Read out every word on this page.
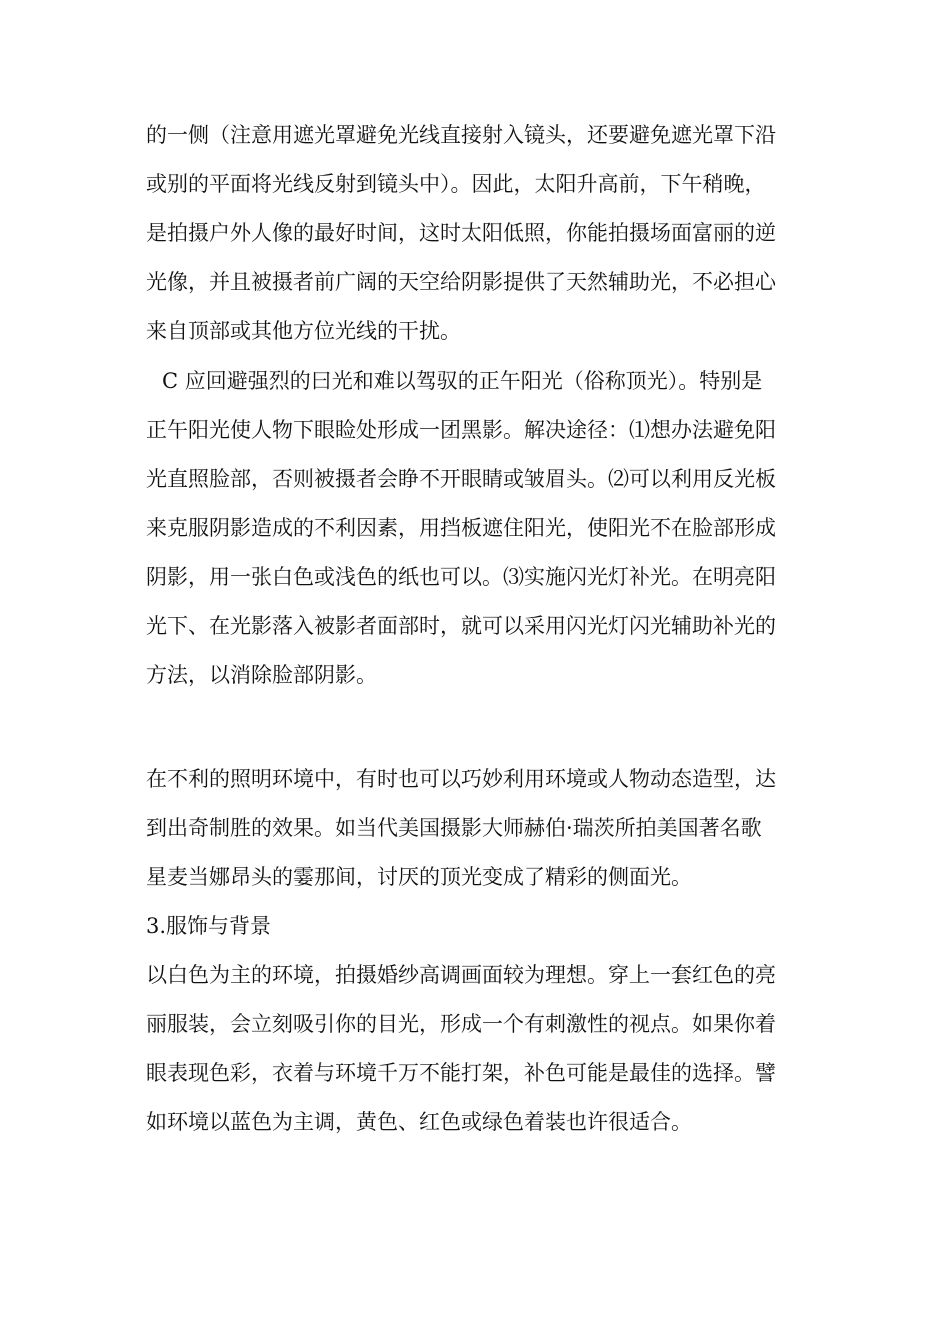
的一侧（注意用遮光罩避免光线直接射入镜头，还要避免遮光罩下沿
或别的平面将光线反射到镜头中）。因此，太阳升高前，下午稍晚，
是拍摄户外人像的最好时间，这时太阳低照，你能拍摄场面富丽的逆
光像，并且被摄者前广阔的天空给阴影提供了天然辅助光，不必担心
来自顶部或其他方位光线的干扰。
C 应回避强烈的曰光和难以驾驭的正午阳光（俗称顶光）。特别是
正午阳光使人物下眼睑处形成一团黑影。解决途径：⑴想办法避免阳
光直照脸部，否则被摄者会睁不开眼睛或皱眉头。⑵可以利用反光板
来克服阴影造成的不利因素，用挡板遮住阳光，使阳光不在脸部形成
阴影，用一张白色或浅色的纸也可以。⑶实施闪光灯补光。在明亮阳
光下、在光影落入被影者面部时，就可以采用闪光灯闪光辅助补光的
方法，以消除脸部阴影。
在不利的照明环境中，有时也可以巧妙利用环境或人物动态造型，达
到出奇制胜的效果。如当代美国摄影大师赫伯·瑞茨所拍美国著名歌
星麦当娜昂头的霎那间，讨厌的顶光变成了精彩的侧面光。
3.服饰与背景
以白色为主的环境，拍摄婚纱高调画面较为理想。穿上一套红色的亮
丽服装，会立刻吸引你的目光，形成一个有刺激性的视点。如果你着
眼表现色彩，衣着与环境千万不能打架，补色可能是最佳的选择。譬
如环境以蓝色为主调，黄色、红色或绿色着装也许很适合。
